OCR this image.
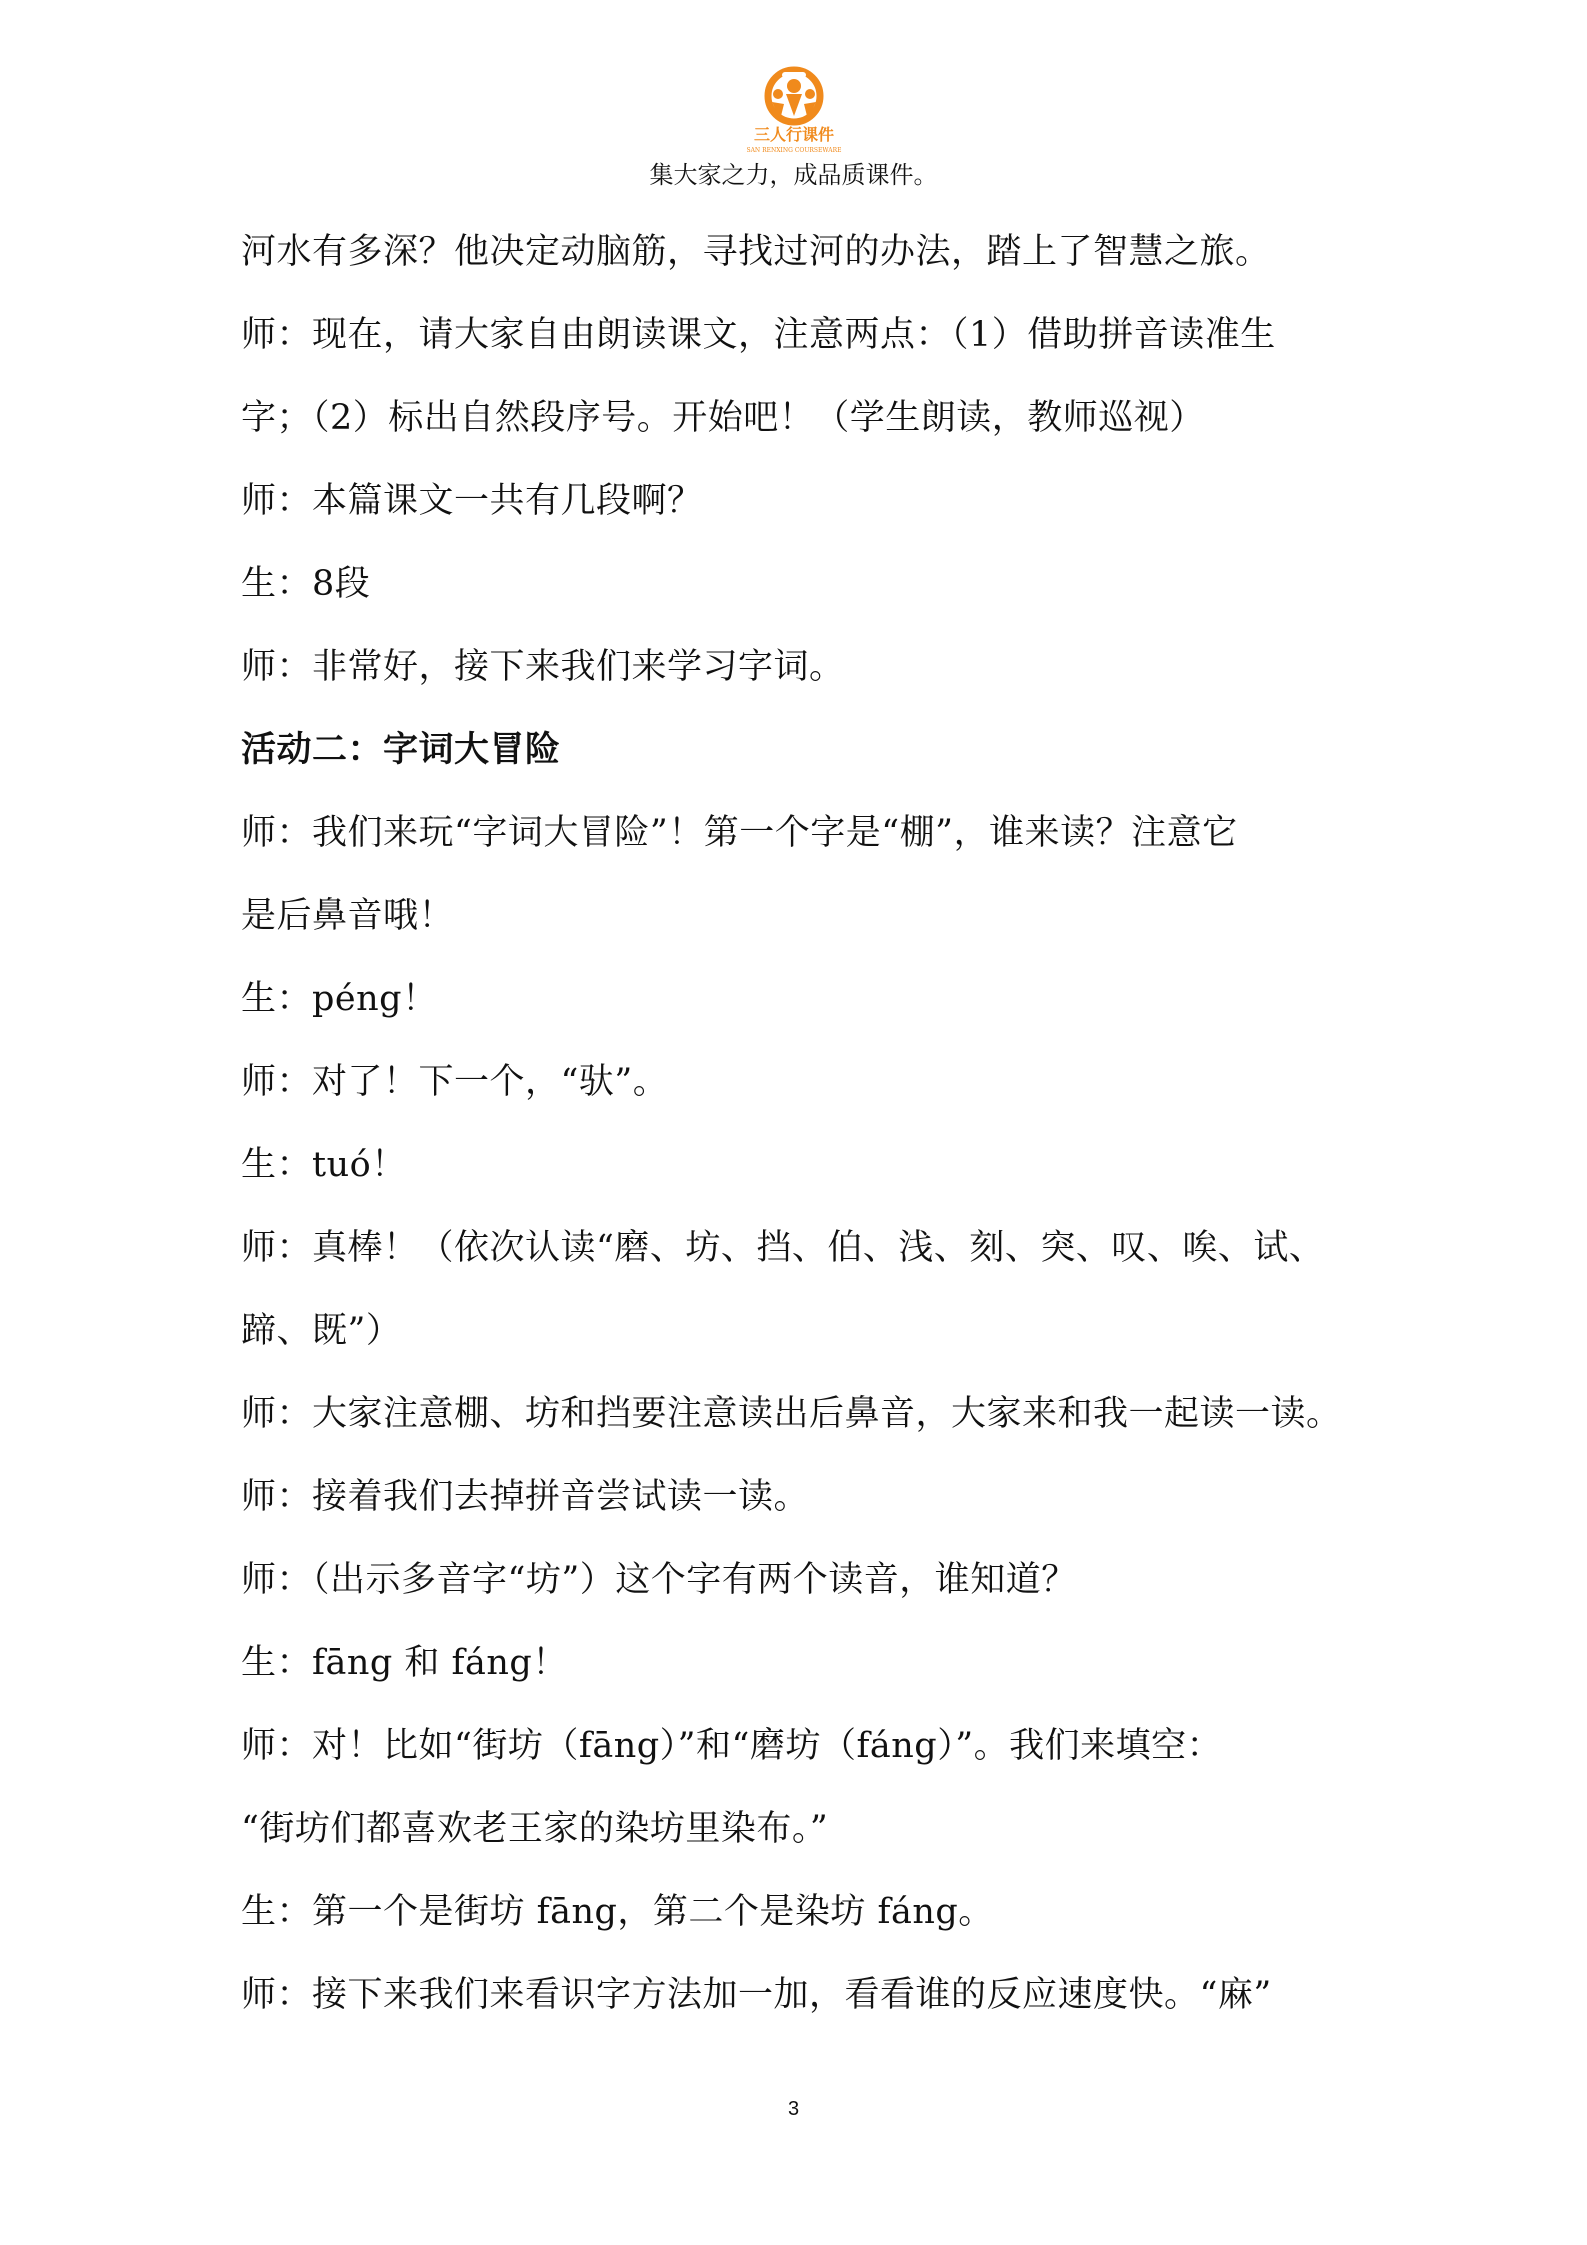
三人行课件
SAN RENXING COURSEWARE
集大家之力，成品质课件。
河水有多深？他决定动脑筋，寻找过河的办法，踏上了智慧之旅。
师：现在，请大家自由朗读课文，注意两点：（1）借助拼音读准生
字；（2）标出自然段序号。开始吧！（学生朗读，教师巡视）
师：本篇课文一共有几段啊？
生：8段
师：非常好，接下来我们来学习字词。
活动二：字词大冒险
师：我们来玩“字词大冒险”！第一个字是“棚”，谁来读？注意它
是后鼻音哦！
生：péng！
师：对了！下一个，“驮”。
生：tuó！
师：真棒！（依次认读“磨、坊、挡、伯、浅、刻、突、叹、唉、试、
蹄、既”）
师：大家注意棚、坊和挡要注意读出后鼻音，大家来和我一起读一读。
师：接着我们去掉拼音尝试读一读。
师：（出示多音字“坊”）这个字有两个读音，谁知道？
生：fāng 和 fáng！
师：对！比如“街坊（fāng）”和“磨坊（fáng）”。我们来填空：
“街坊们都喜欢老王家的染坊里染布。”
生：第一个是街坊 fāng，第二个是染坊 fáng。
师：接下来我们来看识字方法加一加，看看谁的反应速度快。“麻”
3
